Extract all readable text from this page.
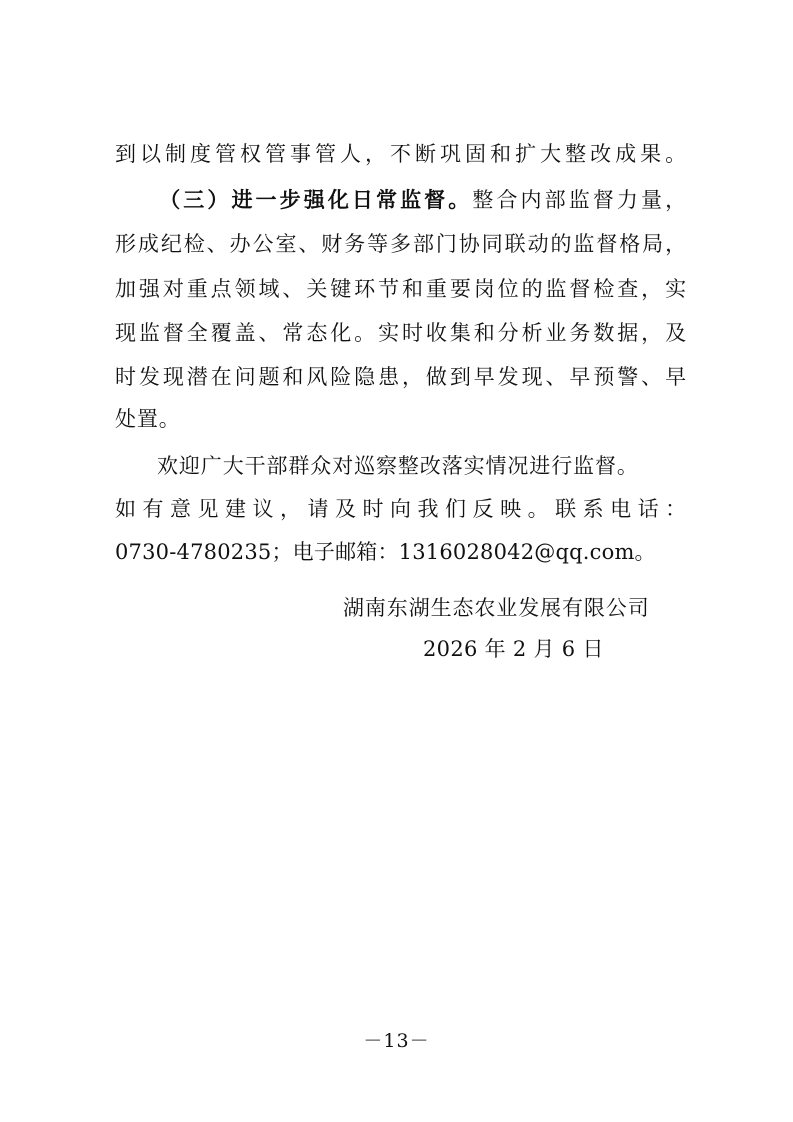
到以制度管权管事管人，不断巩固和扩大整改成果。
（三）进一步强化日常监督。整合内部监督力量，
形成纪检、办公室、财务等多部门协同联动的监督格局，
加强对重点领域、关键环节和重要岗位的监督检查，实
现监督全覆盖、常态化。实时收集和分析业务数据，及
时发现潜在问题和风险隐患，做到早发现、早预警、早
处置。
欢迎广大干部群众对巡察整改落实情况进行监督。
如有意见建议，请及时向我们反映。联系电话：
0730-4780235；电子邮箱：1316028042@qq.com。
湖南东湖生态农业发展有限公司
2026 年 2 月 6 日
－13－
